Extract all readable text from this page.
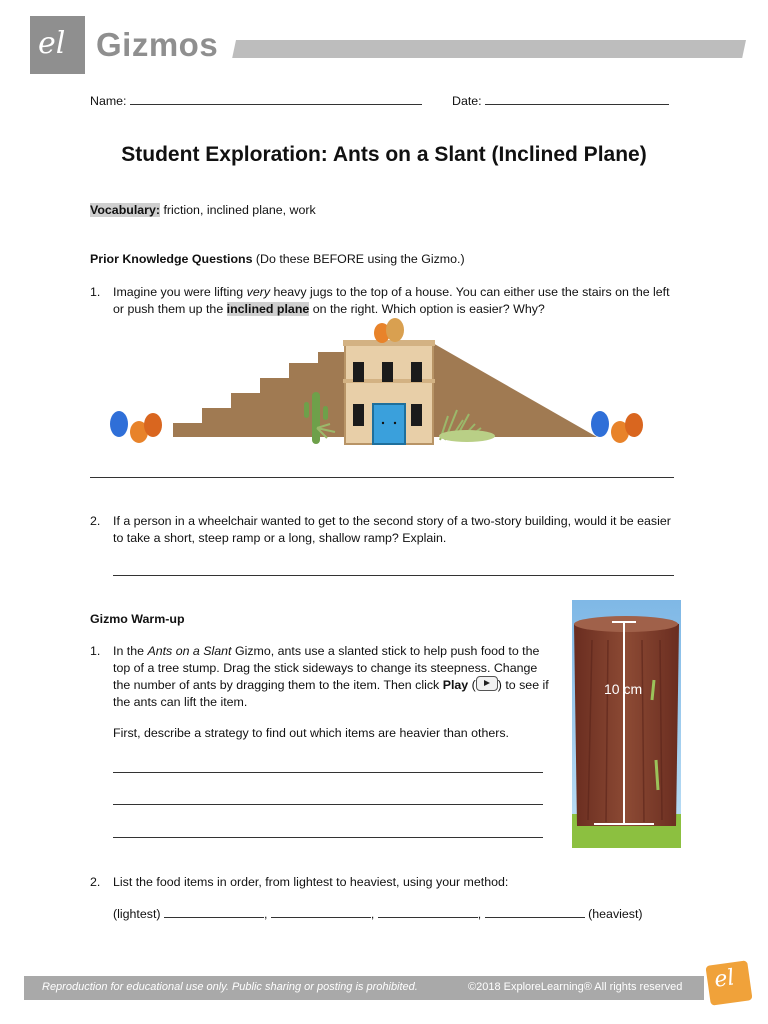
el Gizmos
Name:	Date:
Student Exploration: Ants on a Slant (Inclined Plane)
Vocabulary: friction, inclined plane, work
Prior Knowledge Questions (Do these BEFORE using the Gizmo.)
1. Imagine you were lifting very heavy jugs to the top of a house. You can either use the stairs on the left or push them up the inclined plane on the right. Which option is easier? Why?
2. If a person in a wheelchair wanted to get to the second story of a two-story building, would it be easier to take a short, steep ramp or a long, shallow ramp? Explain.
Gizmo Warm-up
1. In the Ants on a Slant Gizmo, ants use a slanted stick to help push food to the top of a tree stump. Drag the stick sideways to change its steepness. Change the number of ants by dragging them to the item. Then click Play ( ) to see if the ants can lift the item.
First, describe a strategy to find out which items are heavier than others.
10 cm
2. List the food items in order, from lightest to heaviest, using your method:
(lightest)	,	,	,	(heaviest)
Reproduction for educational use only. Public sharing or posting is prohibited.	©2018 ExploreLearning® All rights reserved el
